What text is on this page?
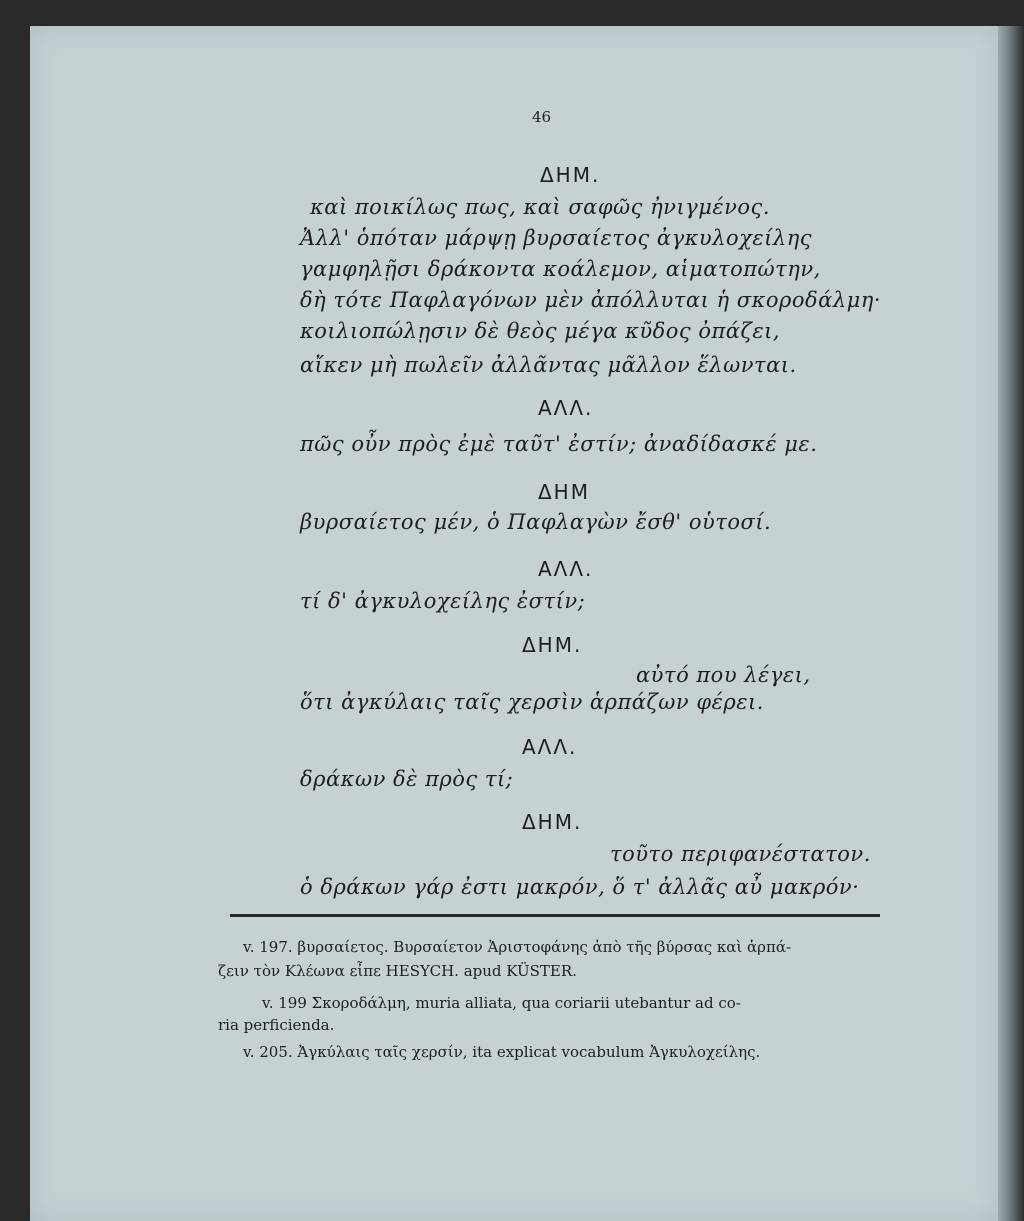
46
ΔΗΜ.
καὶ ποικίλως πως, καὶ σαφῶς ἠνιγμένος.
Ἀλλ' ὁπόταν μάρψῃ βυρσαίετος ἀγκυλοχείλης
γαμφηλῇσι δράκοντα κοάλεμον, αἱματοπώτην,
δὴ τότε Παφλαγόνων μὲν ἀπόλλυται ἡ σκοροδάλμη·
κοιλιοπώλῃσιν δὲ θεὸς μέγα κῦδος ὀπάζει,
αἴκεν μὴ πωλεῖν ἀλλᾶντας μᾶλλον ἕλωνται.
ΑΛΛ.
πῶς οὖν πρὸς ἐμὲ ταῦτ' ἐστίν; ἀναδίδασκέ με.
ΔΗΜ
βυρσαίετος μέν, ὁ Παφλαγὼν ἔσθ' οὑτοσί.
ΑΛΛ.
τί δ' ἀγκυλοχείλης ἐστίν;
ΔΗΜ.
αὐτό που λέγει,
ὅτι ἀγκύλαις ταῖς χερσὶν ἁρπάζων φέρει.
ΑΛΛ.
δράκων δὲ πρὸς τί;
ΔΗΜ.
τοῦτο περιφανέστατον.
ὁ δράκων γάρ ἐστι μακρόν, ὅ τ' ἀλλᾶς αὖ μακρόν·
v. 197. βυρσαίετος. Βυρσαίετον Ἀριστοφάνης ἀπὸ τῆς βύρσας καὶ ἁρπά-
ζειν τὸν Κλέωνα εἶπε HESYCH. apud KÜSTER.
v. 199 Σκοροδάλμη, muria alliata, qua coriarii utebantur ad co-
ria perficienda.
v. 205. Ἀγκύλαις ταῖς χερσίν, ita explicat vocabulum Ἀγκυλοχείλης.
